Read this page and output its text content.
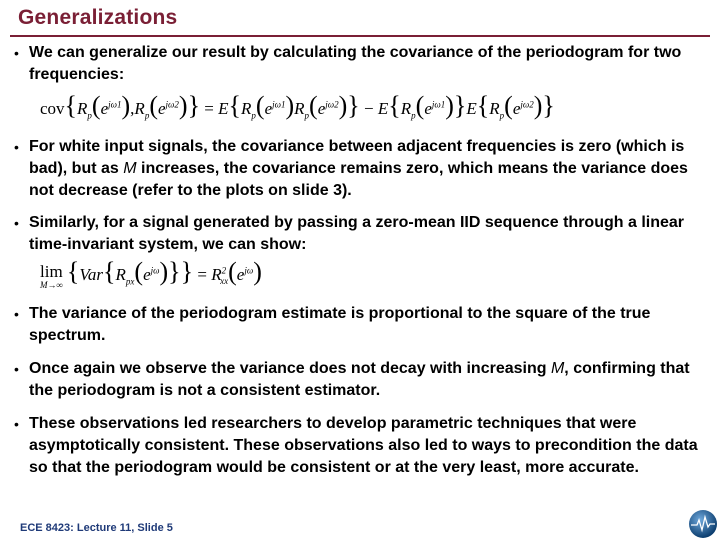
Generalizations
• We can generalize our result by calculating the covariance of the periodogram for two frequencies:
$cov\{R_p(e^{j\omega 1}),R_p(e^{j\omega 2})\} = E\{R_p(e^{j\omega 1})R_p(e^{j\omega 2})\} - E\{R_p(e^{j\omega 1})\}E\{R_p(e^{j\omega 2})\}$
• For white input signals, the covariance between adjacent frequencies is zero (which is bad), but as M increases, the covariance remains zero, which means the variance does not decrease (refer to the plots on slide 3).
• Similarly, for a signal generated by passing a zero-mean IID sequence through a linear time-invariant system, we can show:
lim
M→∞ $\{Var\{R_{px}(e^{j\omega})\}\} = R^2_{xx}(e^{j\omega})$
• The variance of the periodogram estimate is proportional to the square of the true spectrum.
• Once again we observe the variance does not decay with increasing M, confirming that the periodogram is not a consistent estimator.
• These observations led researchers to develop parametric techniques that were asymptotically consistent. These observations also led to ways to precondition the data so that the periodogram would be consistent or at the very least, more accurate.
ECE 8423: Lecture 11, Slide 5
